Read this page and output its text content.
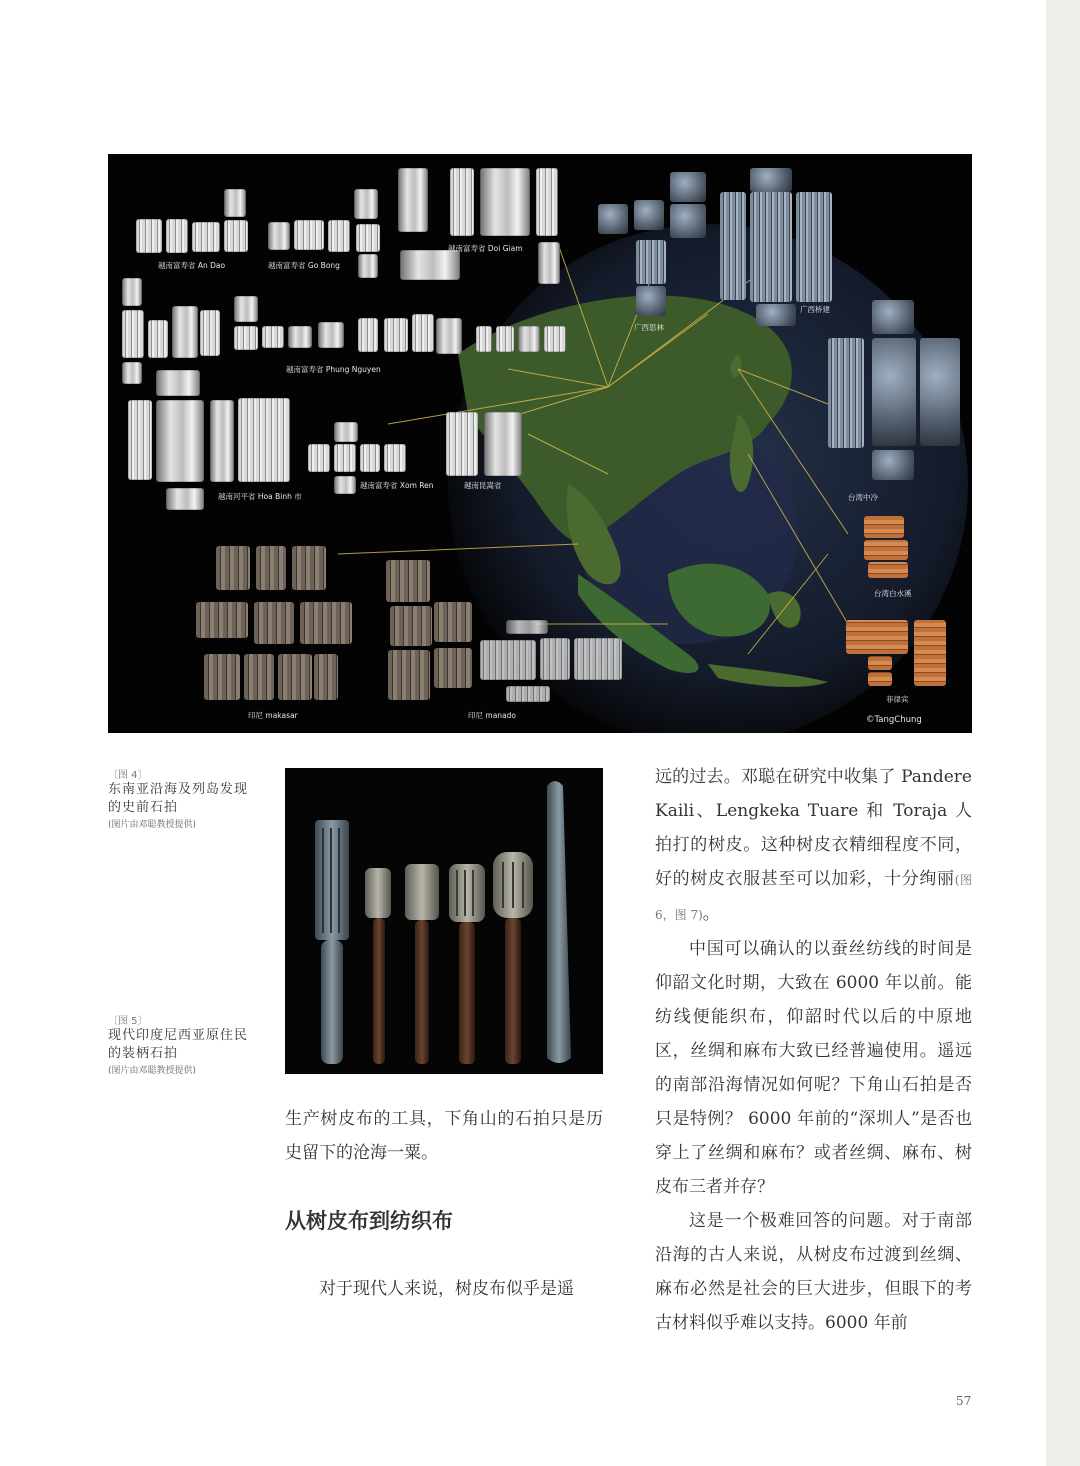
越南富寿省 An Dao	越南富寿省 Go Bong
越南富寿省 Doi Giam
越南富寿省 Phung Nguyen
越南河平省 Hoa Binh 市
越南富寿省 Xom Ren	越南昆嵩省
广西思林
广西桥建
台湾中冷
台湾白水溪
菲律宾
印尼 makasar	印尼 manado	©TangChung
〔图 4〕
东南亚沿海及列岛发现的史前石拍
(图片由邓聪教授提供)
〔图 5〕
现代印度尼西亚原住民的装柄石拍
(图片由邓聪教授提供)

生产树皮布的工具，下角山的石拍只是历史留下的沧海一粟。

从树皮布到纺织布

对于现代人来说，树皮布似乎是遥

远的过去。邓聪在研究中收集了 Pandere Kaili、Lengkeka Tuare 和 Toraja 人拍打的树皮。这种树皮衣精细程度不同，好的树皮衣服甚至可以加彩，十分绚丽(图 6，图 7)。

中国可以确认的以蚕丝纺线的时间是仰韶文化时期，大致在 6000 年以前。能纺线便能织布，仰韶时代以后的中原地区，丝绸和麻布大致已经普遍使用。遥远的南部沿海情况如何呢？下角山石拍是否只是特例？ 6000 年前的“深圳人”是否也穿上了丝绸和麻布？或者丝绸、麻布、树皮布三者并存？

这是一个极难回答的问题。对于南部沿海的古人来说，从树皮布过渡到丝绸、麻布必然是社会的巨大进步，但眼下的考古材料似乎难以支持。6000 年前

57
